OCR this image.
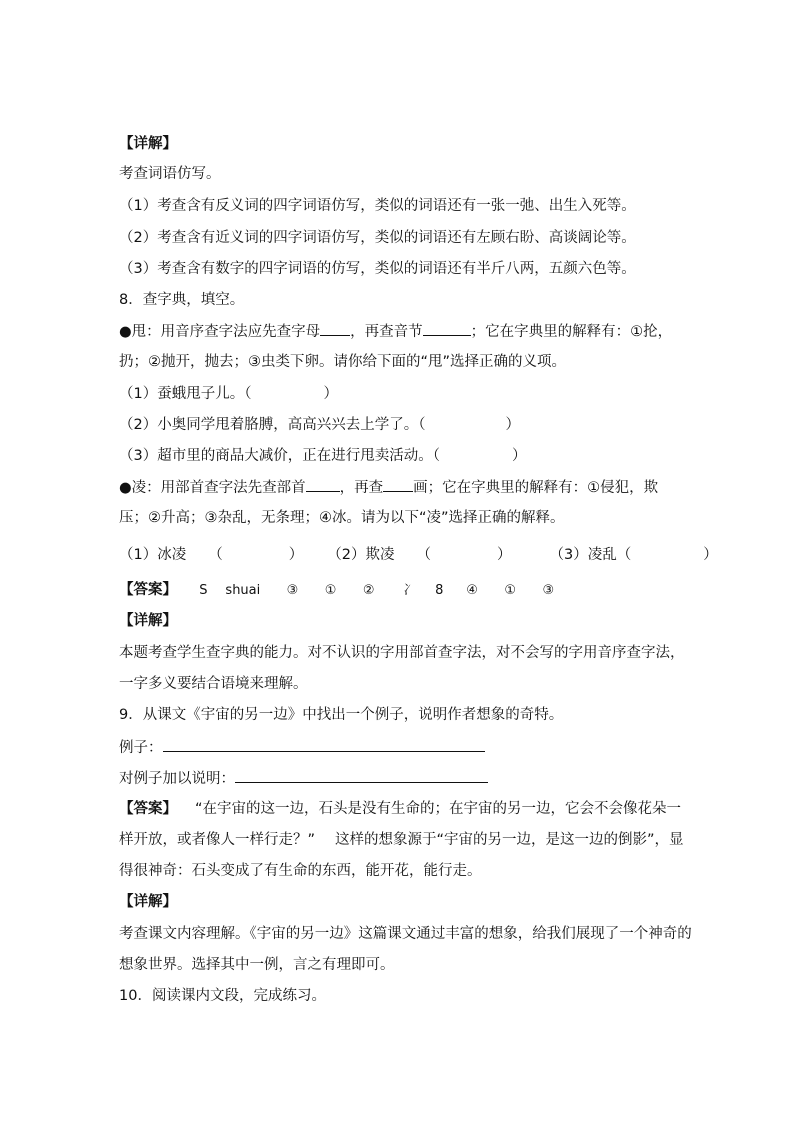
【详解】
考查词语仿写。
（1）考查含有反义词的四字词语仿写，类似的词语还有一张一弛、出生入死等。
（2）考查含有近义词的四字词语仿写，类似的词语还有左顾右盼、高谈阔论等。
（3）考查含有数字的四字词语的仿写，类似的词语还有半斤八两，五颜六色等。
8．查字典，填空。
●甩：用音序查字法应先查字母 ，再查音节	；它在字典里的解释有：①抡，
扔；②抛开，抛去；③虫类下卵。请你给下面的“甩”选择正确的义项。
（1）蚕蛾甩子儿。（	）
（2）小奥同学甩着胳膊，高高兴兴去上学了。（	）
（3）超市里的商品大减价，正在进行甩卖活动。（	）
●凌：用部首查字法先查部首 ，再查 画；它在字典里的解释有：①侵犯，欺
压；②升高；③杂乱，无条理；④冰。请为以下“凌”选择正确的解释。
（1）冰凌 （	） （2）欺凌 （	）	（3）凌乱（	）
【答案】 S shuai ③ ① ② 冫 8 ④ ① ③
【详解】
本题考查学生查字典的能力。对不认识的字用部首查字法，对不会写的字用音序查字法，
一字多义要结合语境来理解。
9．从课文《宇宙的另一边》中找出一个例子，说明作者想象的奇特。
例子：
对例子加以说明：
【答案】 “在宇宙的这一边，石头是没有生命的；在宇宙的另一边，它会不会像花朵一
样开放，或者像人一样行走？” 这样的想象源于“宇宙的另一边，是这一边的倒影”，显
得很神奇：石头变成了有生命的东西，能开花，能行走。
【详解】
考查课文内容理解。《宇宙的另一边》这篇课文通过丰富的想象，给我们展现了一个神奇的
想象世界。选择其中一例，言之有理即可。
10．阅读课内文段，完成练习。
